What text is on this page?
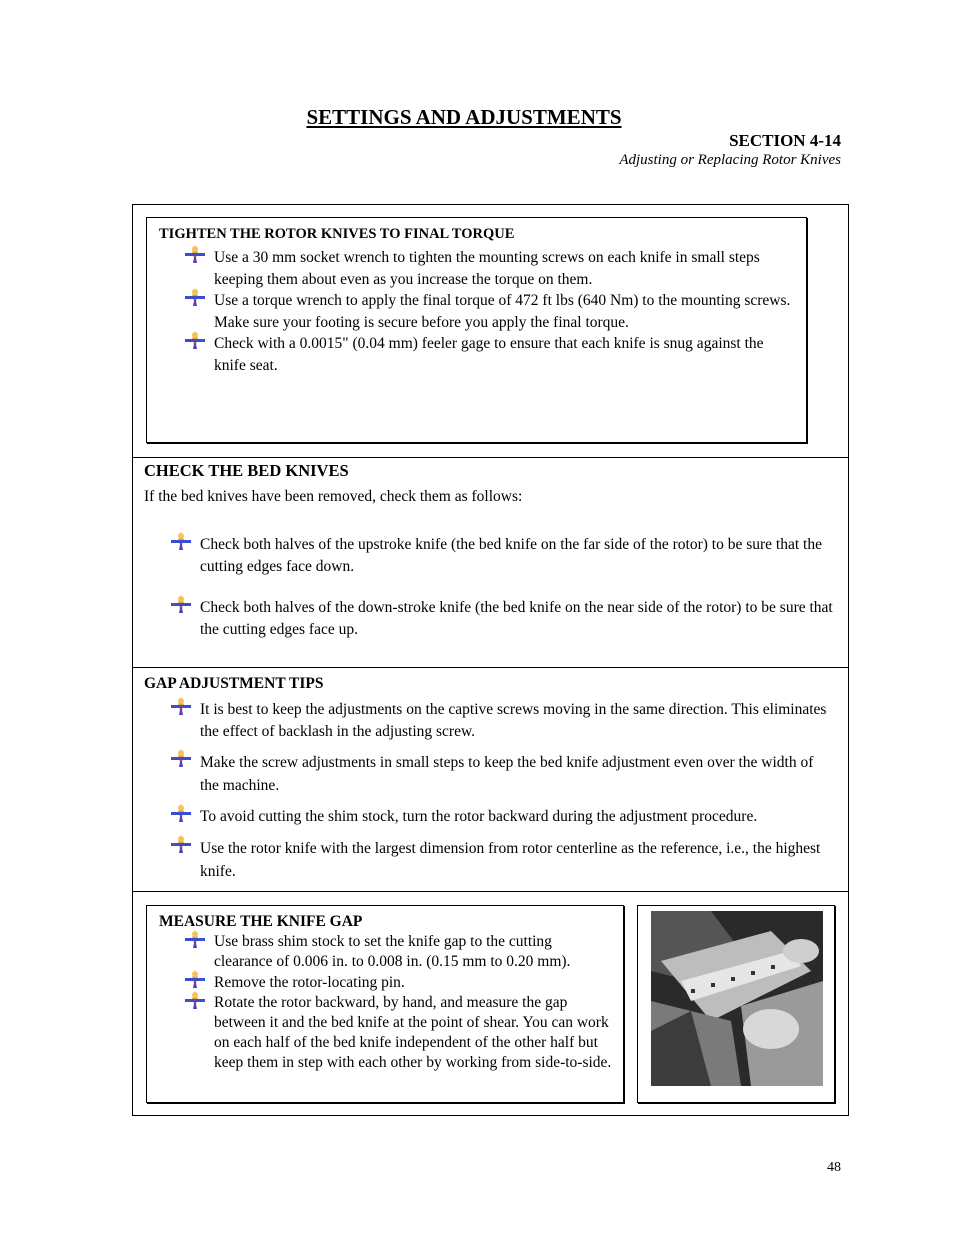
SETTINGS AND ADJUSTMENTS
SECTION 4-14
Adjusting or Replacing Rotor Knives
TIGHTEN THE ROTOR KNIVES TO FINAL TORQUE
Use a 30 mm socket wrench to tighten the mounting screws on each knife in small steps keeping them about even as you increase the torque on them.
Use a torque wrench to apply the final torque of 472 ft lbs (640 Nm) to the mounting screws. Make sure your footing is secure before you apply the final torque.
Check with a 0.0015" (0.04 mm) feeler gage to ensure that each knife is snug against the knife seat.
CHECK THE BED KNIVES
If the bed knives have been removed, check them as follows:
Check both halves of the upstroke knife (the bed knife on the far side of the rotor) to be sure that the cutting edges face down.
Check both halves of the down-stroke knife (the bed knife on the near side of the rotor) to be sure that the cutting edges face up.
GAP ADJUSTMENT TIPS
It is best to keep the adjustments on the captive screws moving in the same direction. This eliminates the effect of backlash in the adjusting screw.
Make the screw adjustments in small steps to keep the bed knife adjustment even over the width of the machine.
To avoid cutting the shim stock, turn the rotor backward during the adjustment procedure.
Use the rotor knife with the largest dimension from rotor centerline as the reference, i.e., the highest knife.
MEASURE THE KNIFE GAP
Use brass shim stock to set the knife gap to the cutting clearance of 0.006 in. to 0.008 in. (0.15 mm to 0.20 mm).
Remove the rotor-locating pin.
Rotate the rotor backward, by hand, and measure the gap between it and the bed knife at the point of shear. You can work on each half of the bed knife independent of the other half but keep them in step with each other by working from side-to-side.
48
